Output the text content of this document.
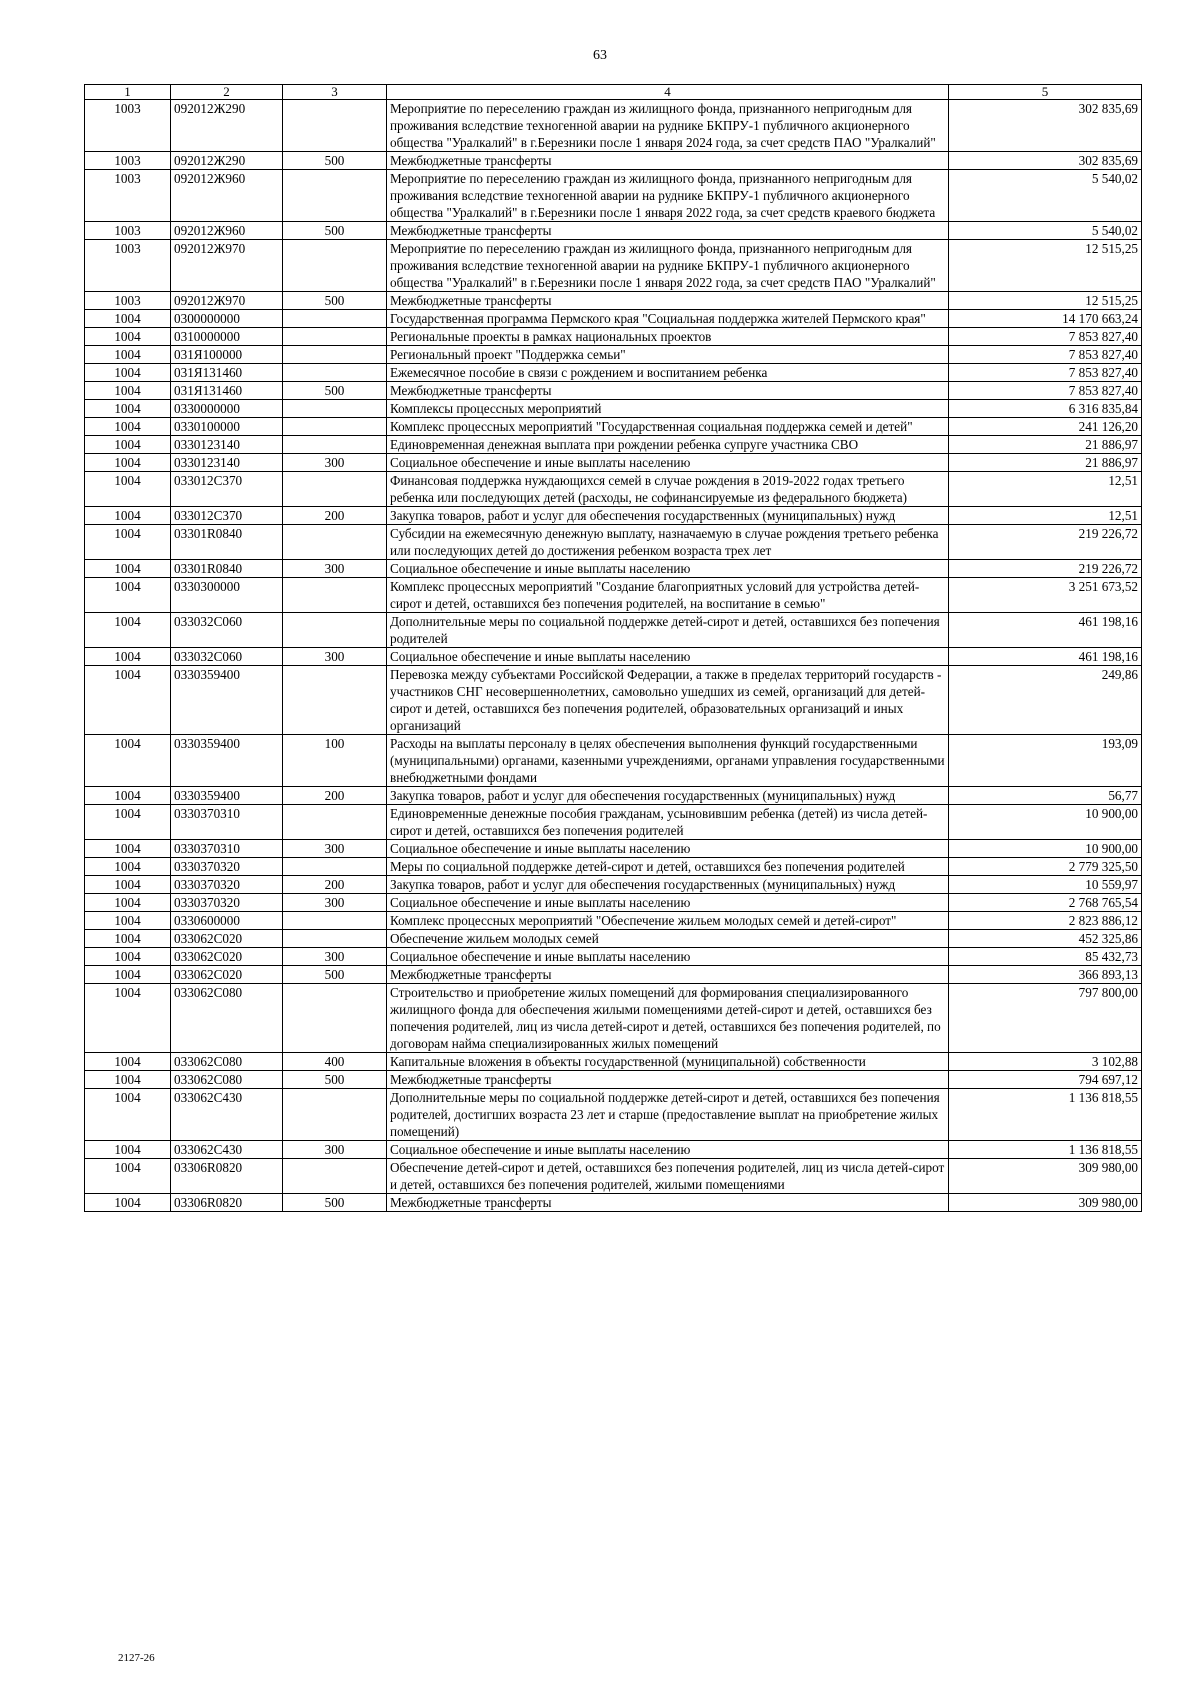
63
1	2	3	4	5
1003	092012Ж290		Мероприятие по переселению граждан из жилищного фонда, признанного непригодным для проживания вследствие техногенной аварии на руднике БКПРУ-1 публичного акционерного общества "Уралкалий" в г.Березники после 1 января 2024 года, за счет средств ПАО "Уралкалий"	302 835,69
1003	092012Ж290	500	Межбюджетные трансферты	302 835,69
1003	092012Ж960		Мероприятие по переселению граждан из жилищного фонда, признанного непригодным для проживания вследствие техногенной аварии на руднике БКПРУ-1 публичного акционерного общества "Уралкалий" в г.Березники после 1 января 2022 года, за счет средств краевого бюджета	5 540,02
1003	092012Ж960	500	Межбюджетные трансферты	5 540,02
1003	092012Ж970		Мероприятие по переселению граждан из жилищного фонда, признанного непригодным для проживания вследствие техногенной аварии на руднике БКПРУ-1 публичного акционерного общества "Уралкалий" в г.Березники после 1 января 2022 года, за счет средств ПАО "Уралкалий"	12 515,25
1003	092012Ж970	500	Межбюджетные трансферты	12 515,25
1004	0300000000		Государственная программа Пермского края "Социальная поддержка жителей Пермского края"	14 170 663,24
1004	0310000000		Региональные проекты в рамках национальных проектов	7 853 827,40
1004	031Я100000		Региональный проект "Поддержка семьи"	7 853 827,40
1004	031Я131460		Ежемесячное пособие в связи с рождением и воспитанием ребенка	7 853 827,40
1004	031Я131460	500	Межбюджетные трансферты	7 853 827,40
1004	0330000000		Комплексы процессных мероприятий	6 316 835,84
1004	0330100000		Комплекс процессных мероприятий "Государственная социальная поддержка семей и детей"	241 126,20
1004	0330123140		Единовременная денежная выплата при рождении ребенка супруге участника СВО	21 886,97
1004	0330123140	300	Социальное обеспечение и иные выплаты населению	21 886,97
1004	033012С370		Финансовая поддержка нуждающихся семей в случае рождения в 2019-2022 годах третьего ребенка или последующих детей (расходы, не софинансируемые из федерального бюджета)	12,51
1004	033012С370	200	Закупка товаров, работ и услуг для обеспечения государственных (муниципальных) нужд	12,51
1004	03301R0840		Субсидии на ежемесячную денежную выплату, назначаемую в случае рождения третьего ребенка или последующих детей до достижения ребенком возраста трех лет	219 226,72
1004	03301R0840	300	Социальное обеспечение и иные выплаты населению	219 226,72
1004	0330300000		Комплекс процессных мероприятий "Создание благоприятных условий для устройства детей-сирот и детей, оставшихся без попечения родителей, на воспитание в семью"	3 251 673,52
1004	033032С060		Дополнительные меры по социальной поддержке детей-сирот и детей, оставшихся без попечения родителей	461 198,16
1004	033032С060	300	Социальное обеспечение и иные выплаты населению	461 198,16
1004	0330359400		Перевозка между субъектами Российской Федерации, а также в пределах территорий государств - участников СНГ несовершеннолетних, самовольно ушедших из семей, организаций для детей-сирот и детей, оставшихся без попечения родителей, образовательных организаций и иных организаций	249,86
1004	0330359400	100	Расходы на выплаты персоналу в целях обеспечения выполнения функций государственными (муниципальными) органами, казенными учреждениями, органами управления государственными внебюджетными фондами	193,09
1004	0330359400	200	Закупка товаров, работ и услуг для обеспечения государственных (муниципальных) нужд	56,77
1004	0330370310		Единовременные денежные пособия гражданам, усыновившим ребенка (детей) из числа детей-сирот и детей, оставшихся без попечения родителей	10 900,00
1004	0330370310	300	Социальное обеспечение и иные выплаты населению	10 900,00
1004	0330370320		Меры по социальной поддержке детей-сирот и детей, оставшихся без попечения родителей	2 779 325,50
1004	0330370320	200	Закупка товаров, работ и услуг для обеспечения государственных (муниципальных) нужд	10 559,97
1004	0330370320	300	Социальное обеспечение и иные выплаты населению	2 768 765,54
1004	0330600000		Комплекс процессных мероприятий "Обеспечение жильем молодых семей и детей-сирот"	2 823 886,12
1004	033062С020		Обеспечение жильем молодых семей	452 325,86
1004	033062С020	300	Социальное обеспечение и иные выплаты населению	85 432,73
1004	033062С020	500	Межбюджетные трансферты	366 893,13
1004	033062С080		Строительство и приобретение жилых помещений для формирования специализированного жилищного фонда для обеспечения жилыми помещениями детей-сирот и детей, оставшихся без попечения родителей, лиц из числа детей-сирот и детей, оставшихся без попечения родителей, по договорам найма специализированных жилых помещений	797 800,00
1004	033062С080	400	Капитальные вложения в объекты государственной (муниципальной) собственности	3 102,88
1004	033062С080	500	Межбюджетные трансферты	794 697,12
1004	033062С430		Дополнительные меры по социальной поддержке детей-сирот и детей, оставшихся без попечения родителей, достигших возраста 23 лет и старше (предоставление выплат на приобретение жилых помещений)	1 136 818,55
1004	033062С430	300	Социальное обеспечение и иные выплаты населению	1 136 818,55
1004	03306R0820		Обеспечение детей-сирот и детей, оставшихся без попечения родителей, лиц из числа детей-сирот и детей, оставшихся без попечения родителей, жилыми помещениями	309 980,00
1004	03306R0820	500	Межбюджетные трансферты	309 980,00
2127-26
